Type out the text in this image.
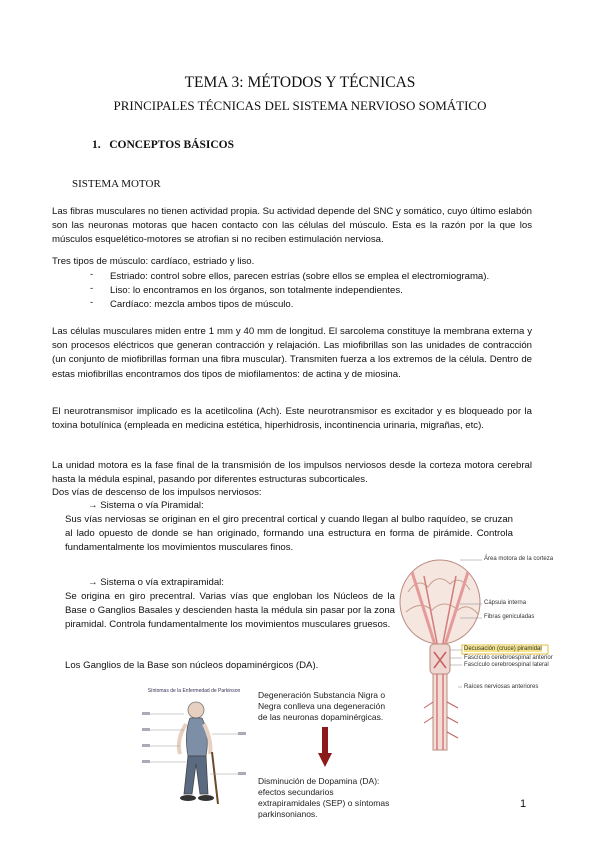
TEMA 3: MÉTODOS Y TÉCNICAS
PRINCIPALES TÉCNICAS DEL SISTEMA NERVIOSO SOMÁTICO
1. CONCEPTOS BÁSICOS
SISTEMA MOTOR

Las fibras musculares no tienen actividad propia. Su actividad depende del SNC y somático, cuyo último eslabón son las neuronas motoras que hacen contacto con las células del músculo. Esta es la razón por la que los músculos esquelético-motores se atrofian si no reciben estimulación nerviosa.

Tres tipos de músculo: cardíaco, estriado y liso.

- Estriado: control sobre ellos, parecen estrías (sobre ellos se emplea el electromiograma).
- Liso: lo encontramos en los órganos, son totalmente independientes.
- Cardíaco: mezcla ambos tipos de músculo.

Las células musculares miden entre 1 mm y 40 mm de longitud. El sarcolema constituye la membrana externa y son procesos eléctricos que generan contracción y relajación. Las miofibrillas son las unidades de contracción (un conjunto de miofibrillas forman una fibra muscular). Transmiten fuerza a los extremos de la célula. Dentro de estas miofibrillas encontramos dos tipos de miofilamentos: de actina y de miosina.

El neurotransmisor implicado es la acetilcolina (Ach). Este neurotransmisor es excitador y es bloqueado por la toxina botulínica (empleada en medicina estética, hiperhidrosis, incontinencia urinaria, migrañas, etc).

La unidad motora es la fase final de la transmisión de los impulsos nerviosos desde la corteza motora cerebral hasta la médula espinal, pasando por diferentes estructuras subcorticales.

Dos vías de descenso de los impulsos nerviosos:

→ Sistema o vía Piramidal:

Sus vías nerviosas se originan en el giro precentral cortical y cuando llegan al bulbo raquídeo, se cruzan al lado opuesto de donde se han originado, formando una estructura en forma de pirámide. Controla fundamentalmente los movimientos musculares finos.

→ Sistema o vía extrapiramidal:

Se origina en giro precentral. Varias vías que engloban los Núcleos de la Base o Ganglios Basales y descienden hasta la médula sin pasar por la zona piramidal. Controla fundamentalmente los movimientos musculares gruesos.

Los Ganglios de la Base son núcleos dopaminérgicos (DA).

Área motora de la corteza
Cápsula interna
Fibras geniculadas
Decusación (cruce) piramidal
Fascículo cerebroespinal anterior
Fascículo cerebroespinal lateral
Raíces nerviosas anteriores
Síntomas de la Enfermedad de Parkinson	Degeneración Substancia Nigra o Negra conlleva una degeneración de las neuronas dopaminérgicas.
Disminución de Dopamina (DA): efectos secundarios extrapiramidales (SEP) o síntomas parkinsonianos.
1
